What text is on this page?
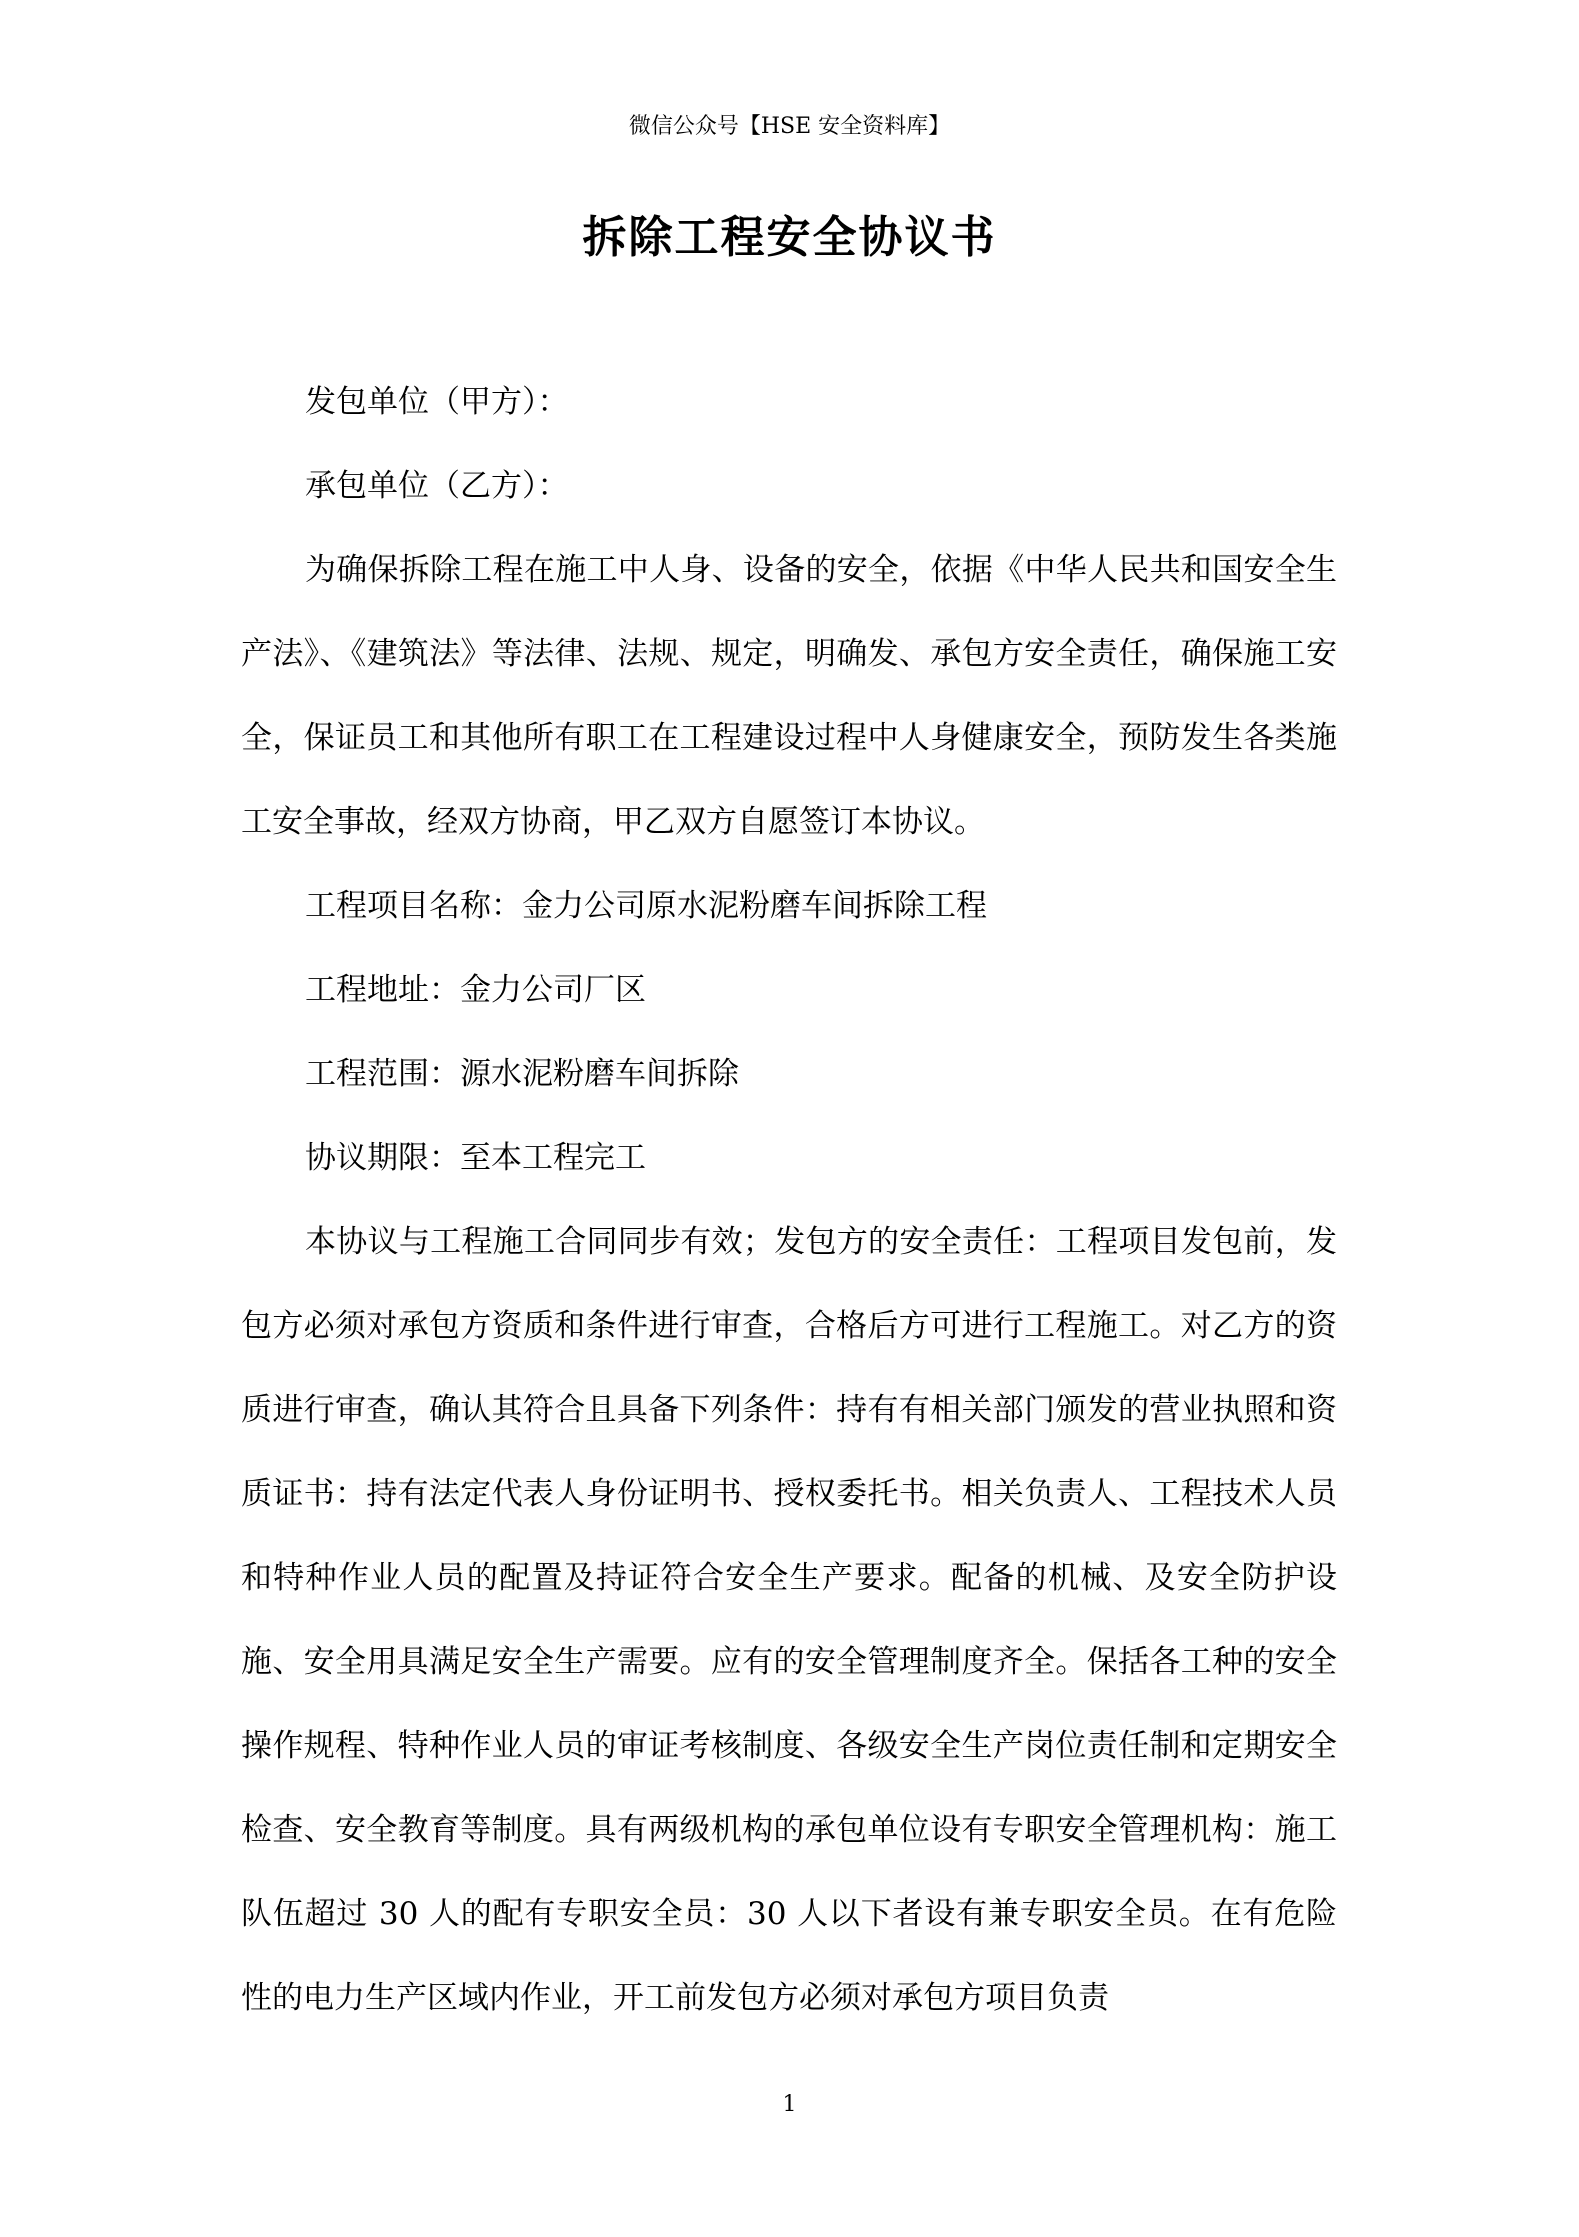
微信公众号【HSE 安全资料库】
拆除工程安全协议书

发包单位（甲方）：

承包单位（乙方）：

为确保拆除工程在施工中人身、设备的安全，依据《中华人民共和国安全生产法》、《建筑法》等法律、法规、规定，明确发、承包方安全责任，确保施工安全，保证员工和其他所有职工在工程建设过程中人身健康安全，预防发生各类施工安全事故，经双方协商，甲乙双方自愿签订本协议。

工程项目名称：金力公司原水泥粉磨车间拆除工程

工程地址：金力公司厂区

工程范围：源水泥粉磨车间拆除

协议期限：至本工程完工

本协议与工程施工合同同步有效；发包方的安全责任：工程项目发包前，发包方必须对承包方资质和条件进行审查，合格后方可进行工程施工。对乙方的资质进行审查，确认其符合且具备下列条件：持有有相关部门颁发的营业执照和资质证书：持有法定代表人身份证明书、授权委托书。相关负责人、工程技术人员和特种作业人员的配置及持证符合安全生产要求。配备的机械、及安全防护设施、安全用具满足安全生产需要。应有的安全管理制度齐全。保括各工种的安全操作规程、特种作业人员的审证考核制度、各级安全生产岗位责任制和定期安全检查、安全教育等制度。具有两级机构的承包单位设有专职安全管理机构：施工队伍超过 30 人的配有专职安全员：30 人以下者设有兼专职安全员。在有危险性的电力生产区域内作业，开工前发包方必须对承包方项目负责

1
